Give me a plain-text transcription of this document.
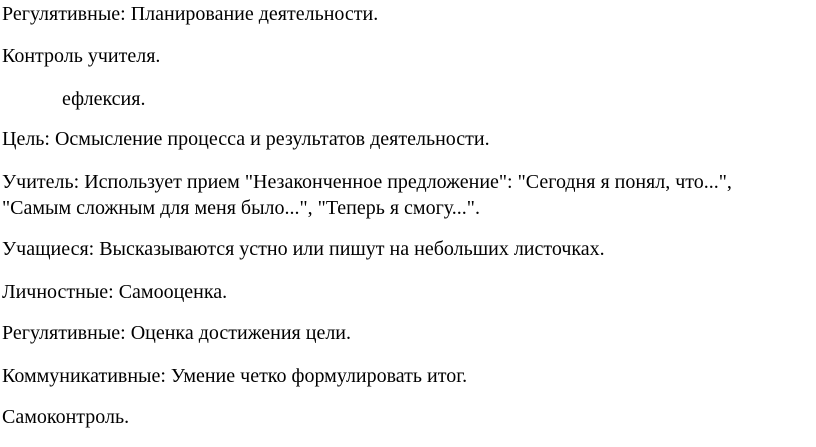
Регулятивные: Планирование деятельности.
Контроль учителя.
ефлексия.
Цель: Осмысление процесса и результатов деятельности.
Учитель: Использует прием "Незаконченное предложение": "Сегодня я понял, что...",
"Самым сложным для меня было...", "Теперь я смогу...".
Учащиеся: Высказываются устно или пишут на небольших листочках.
Личностные: Самооценка.
Регулятивные: Оценка достижения цели.
Коммуникативные: Умение четко формулировать итог.
Самоконтроль.
